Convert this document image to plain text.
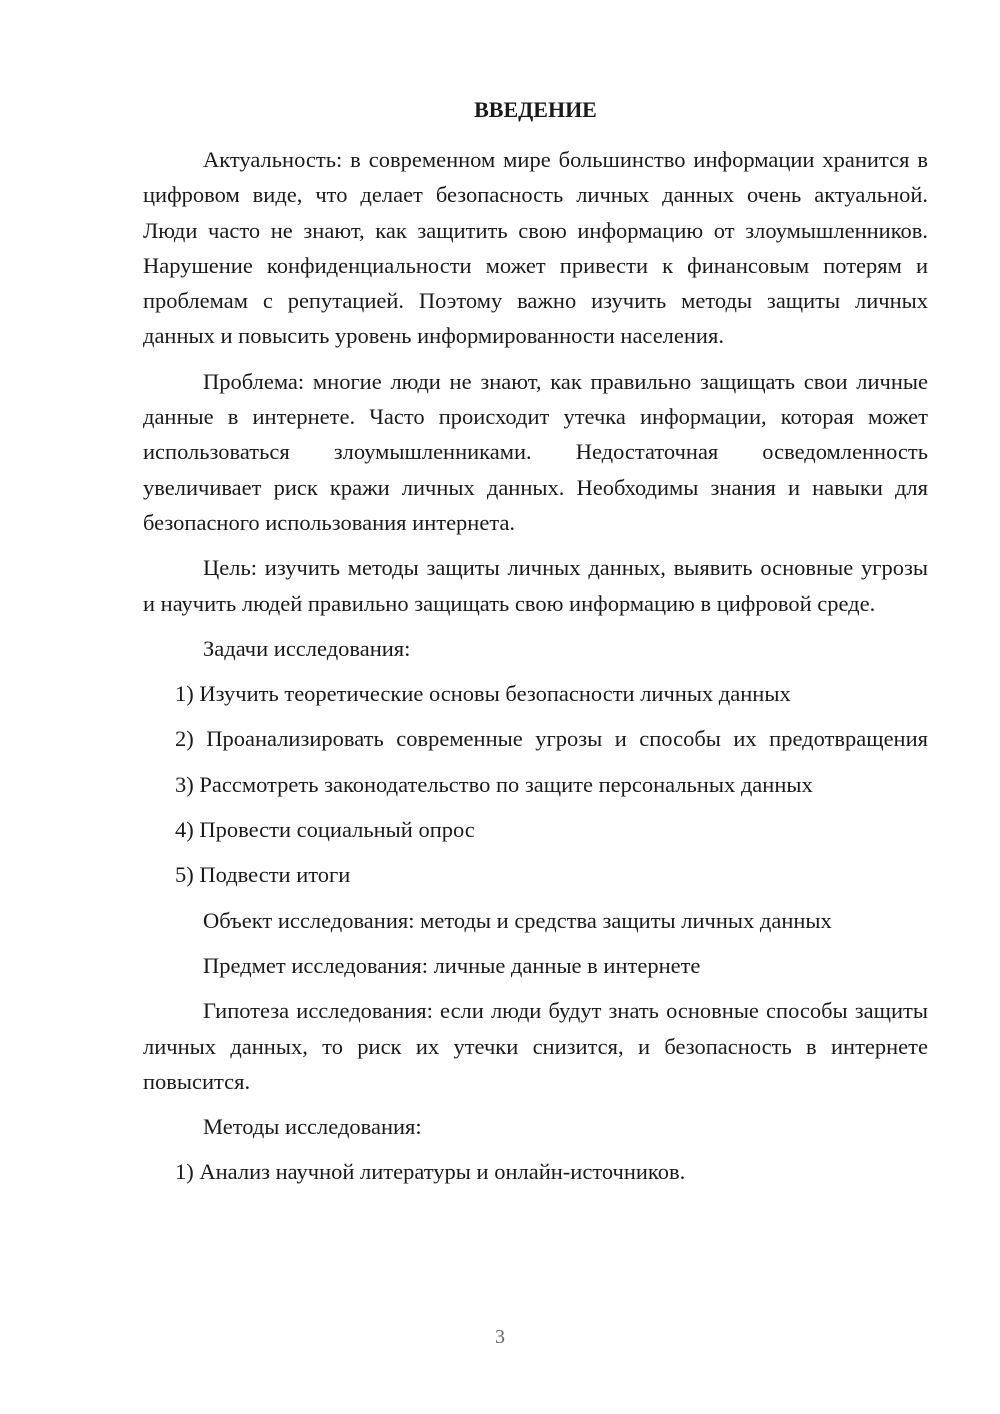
ВВЕДЕНИЕ

Актуальность: в современном мире большинство информации хранится в цифровом виде, что делает безопасность личных данных очень актуальной. Люди часто не знают, как защитить свою информацию от злоумышленников. Нарушение конфиденциальности может привести к финансовым потерям и проблемам с репутацией. Поэтому важно изучить методы защиты личных данных и повысить уровень информированности населения.

Проблема: многие люди не знают, как правильно защищать свои личные данные в интернете. Часто происходит утечка информации, которая может использоваться злоумышленниками. Недостаточная осведомленность увеличивает риск кражи личных данных. Необходимы знания и навыки для безопасного использования интернета.

Цель: изучить методы защиты личных данных, выявить основные угрозы и научить людей правильно защищать свою информацию в цифровой среде.

Задачи исследования:

1) Изучить теоретические основы безопасности личных данных

2) Проанализировать современные угрозы и способы их предотвращения

3) Рассмотреть законодательство по защите персональных данных

4) Провести социальный опрос

5) Подвести итоги

Объект исследования: методы и средства защиты личных данных

Предмет исследования: личные данные в интернете

Гипотеза исследования: если люди будут знать основные способы защиты личных данных, то риск их утечки снизится, и безопасность в интернете повысится.

Методы исследования:

1) Анализ научной литературы и онлайн-источников.

3
